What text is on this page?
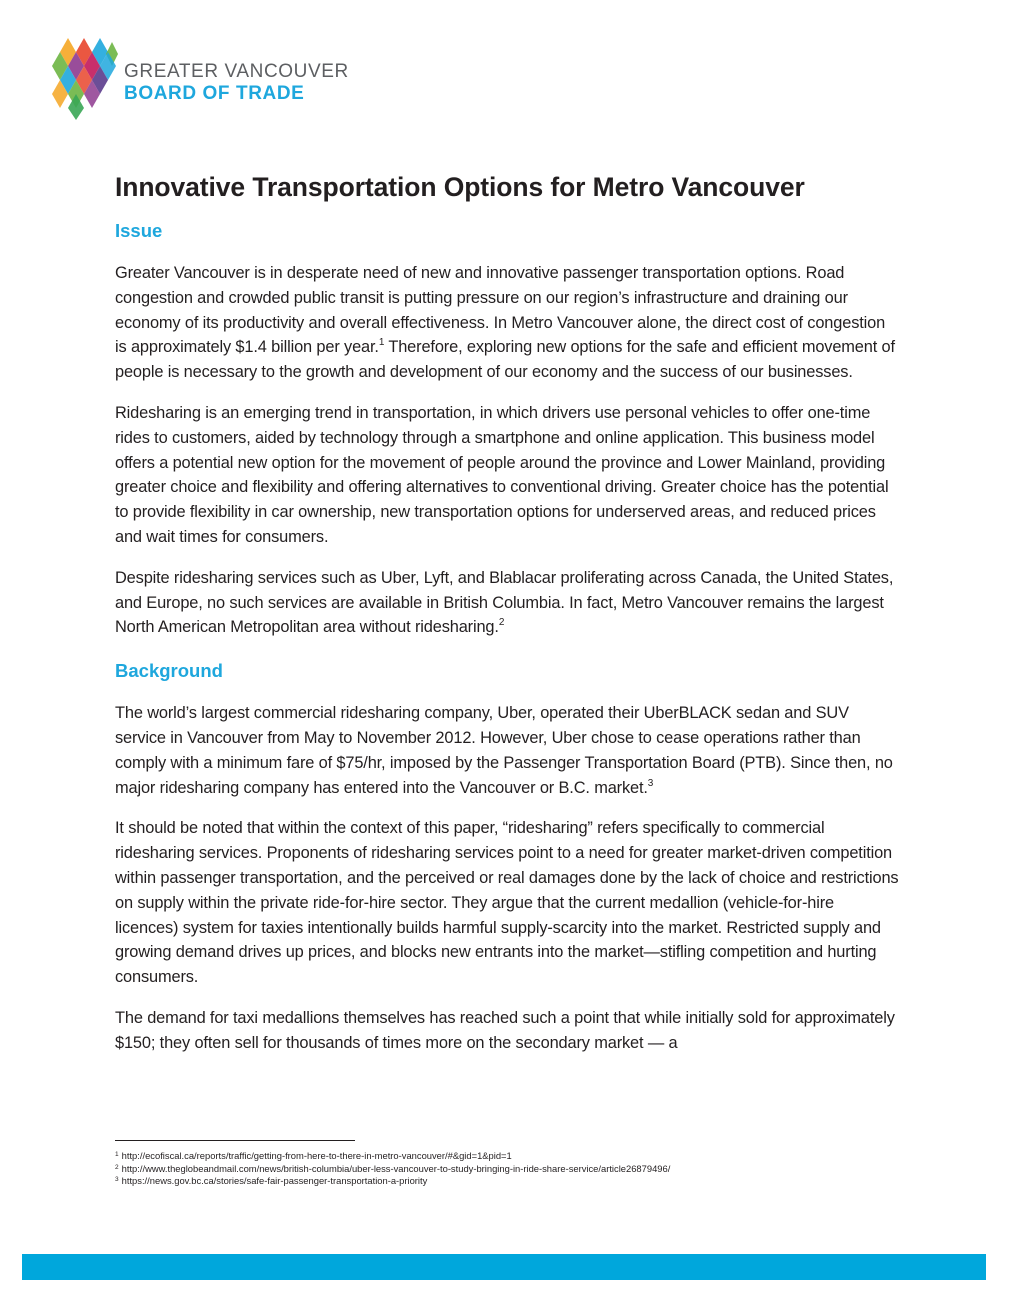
GREATER VANCOUVER
BOARD OF TRADE
Innovative Transportation Options for Metro Vancouver
Issue

Greater Vancouver is in desperate need of new and innovative passenger transportation options. Road congestion and crowded public transit is putting pressure on our region’s infrastructure and draining our economy of its productivity and overall effectiveness. In Metro Vancouver alone, the direct cost of congestion is approximately $1.4 billion per year.$^1$ Therefore, exploring new options for the safe and efficient movement of people is necessary to the growth and development of our economy and the success of our businesses.

Ridesharing is an emerging trend in transportation, in which drivers use personal vehicles to offer one-time rides to customers, aided by technology through a smartphone and online application. This business model offers a potential new option for the movement of people around the province and Lower Mainland, providing greater choice and flexibility and offering alternatives to conventional driving. Greater choice has the potential to provide flexibility in car ownership, new transportation options for underserved areas, and reduced prices and wait times for consumers.

Despite ridesharing services such as Uber, Lyft, and Blablacar proliferating across Canada, the United States, and Europe, no such services are available in British Columbia. In fact, Metro Vancouver remains the largest North American Metropolitan area without ridesharing.$^2$

Background

The world’s largest commercial ridesharing company, Uber, operated their UberBLACK sedan and SUV service in Vancouver from May to November 2012. However, Uber chose to cease operations rather than comply with a minimum fare of $75/hr, imposed by the Passenger Transportation Board (PTB). Since then, no major ridesharing company has entered into the Vancouver or B.C. market.$^3$

It should be noted that within the context of this paper, “ridesharing” refers specifically to commercial ridesharing services. Proponents of ridesharing services point to a need for greater market-driven competition within passenger transportation, and the perceived or real damages done by the lack of choice and restrictions on supply within the private ride-for-hire sector. They argue that the current medallion (vehicle-for-hire licences) system for taxies intentionally builds harmful supply-scarcity into the market. Restricted supply and growing demand drives up prices, and blocks new entrants into the market—stifling competition and hurting consumers.

The demand for taxi medallions themselves has reached such a point that while initially sold for approximately $150; they often sell for thousands of times more on the secondary market — a

$^1$ http://ecofiscal.ca/reports/traffic/getting-from-here-to-there-in-metro-vancouver/#&gid=1&pid=1
$^2$ http://www.theglobeandmail.com/news/british-columbia/uber-less-vancouver-to-study-bringing-in-ride-share-service/article26879496/
$^3$ https://news.gov.bc.ca/stories/safe-fair-passenger-transportation-a-priority
